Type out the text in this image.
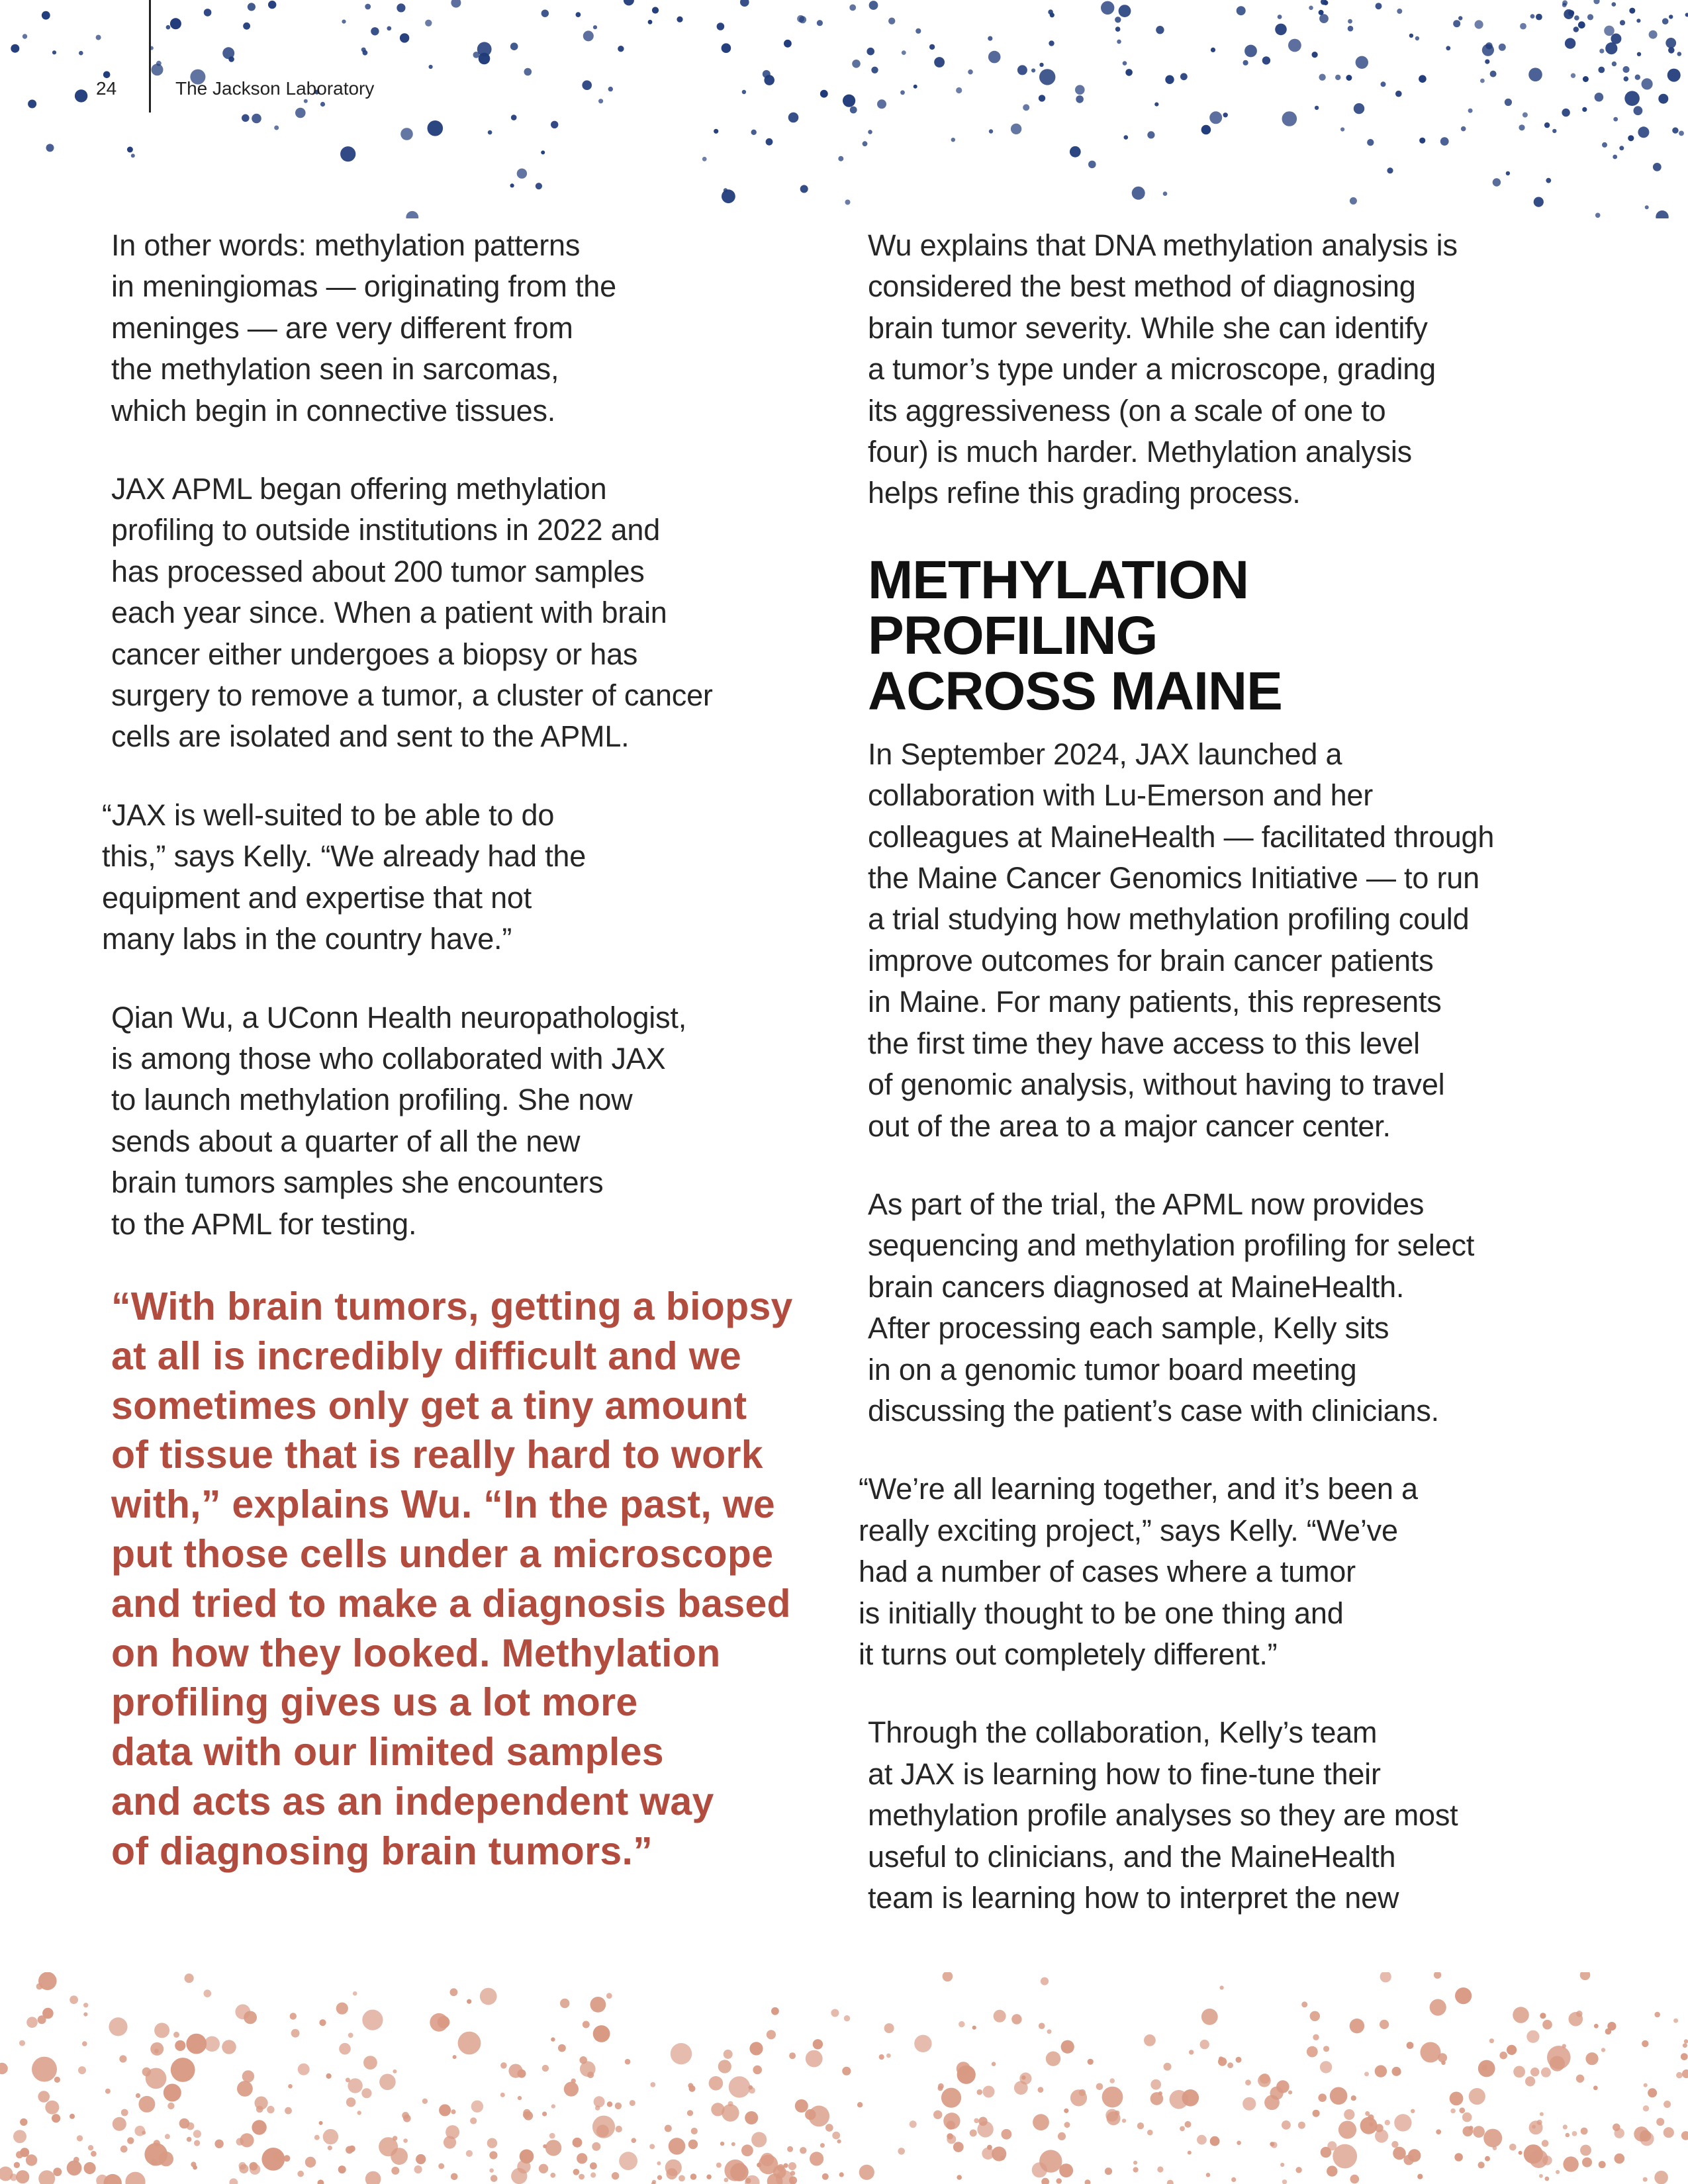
24	The Jackson Laboratory

In other words: methylation patterns
in meningiomas — originating from the
meninges — are very different from
the methylation seen in sarcomas,
which begin in connective tissues.

JAX APML began offering methylation
profiling to outside institutions in 2022 and
has processed about 200 tumor samples
each year since. When a patient with brain
cancer either undergoes a biopsy or has
surgery to remove a tumor, a cluster of cancer
cells are isolated and sent to the APML.

“JAX is well-suited to be able to do
this,” says Kelly. “We already had the
equipment and expertise that not
many labs in the country have.”

Qian Wu, a UConn Health neuropathologist,
is among those who collaborated with JAX
to launch methylation profiling. She now
sends about a quarter of all the new
brain tumors samples she encounters
to the APML for testing.

“With brain tumors, getting a biopsy
at all is incredibly difficult and we
sometimes only get a tiny amount
of tissue that is really hard to work
with,” explains Wu. “In the past, we
put those cells under a microscope
and tried to make a diagnosis based
on how they looked. Methylation
profiling gives us a lot more
data with our limited samples
and acts as an independent way
of diagnosing brain tumors.”

Wu explains that DNA methylation analysis is
considered the best method of diagnosing
brain tumor severity. While she can identify
a tumor’s type under a microscope, grading
its aggressiveness (on a scale of one to
four) is much harder. Methylation analysis
helps refine this grading process.

METHYLATION
PROFILING
ACROSS MAINE

In September 2024, JAX launched a
collaboration with Lu-Emerson and her
colleagues at MaineHealth — facilitated through
the Maine Cancer Genomics Initiative — to run
a trial studying how methylation profiling could
improve outcomes for brain cancer patients
in Maine. For many patients, this represents
the first time they have access to this level
of genomic analysis, without having to travel
out of the area to a major cancer center.

As part of the trial, the APML now provides
sequencing and methylation profiling for select
brain cancers diagnosed at MaineHealth.
After processing each sample, Kelly sits
in on a genomic tumor board meeting
discussing the patient’s case with clinicians.

“We’re all learning together, and it’s been a
really exciting project,” says Kelly. “We’ve
had a number of cases where a tumor
is initially thought to be one thing and
it turns out completely different.”

Through the collaboration, Kelly’s team
at JAX is learning how to fine-tune their
methylation profile analyses so they are most
useful to clinicians, and the MaineHealth
team is learning how to interpret the new
